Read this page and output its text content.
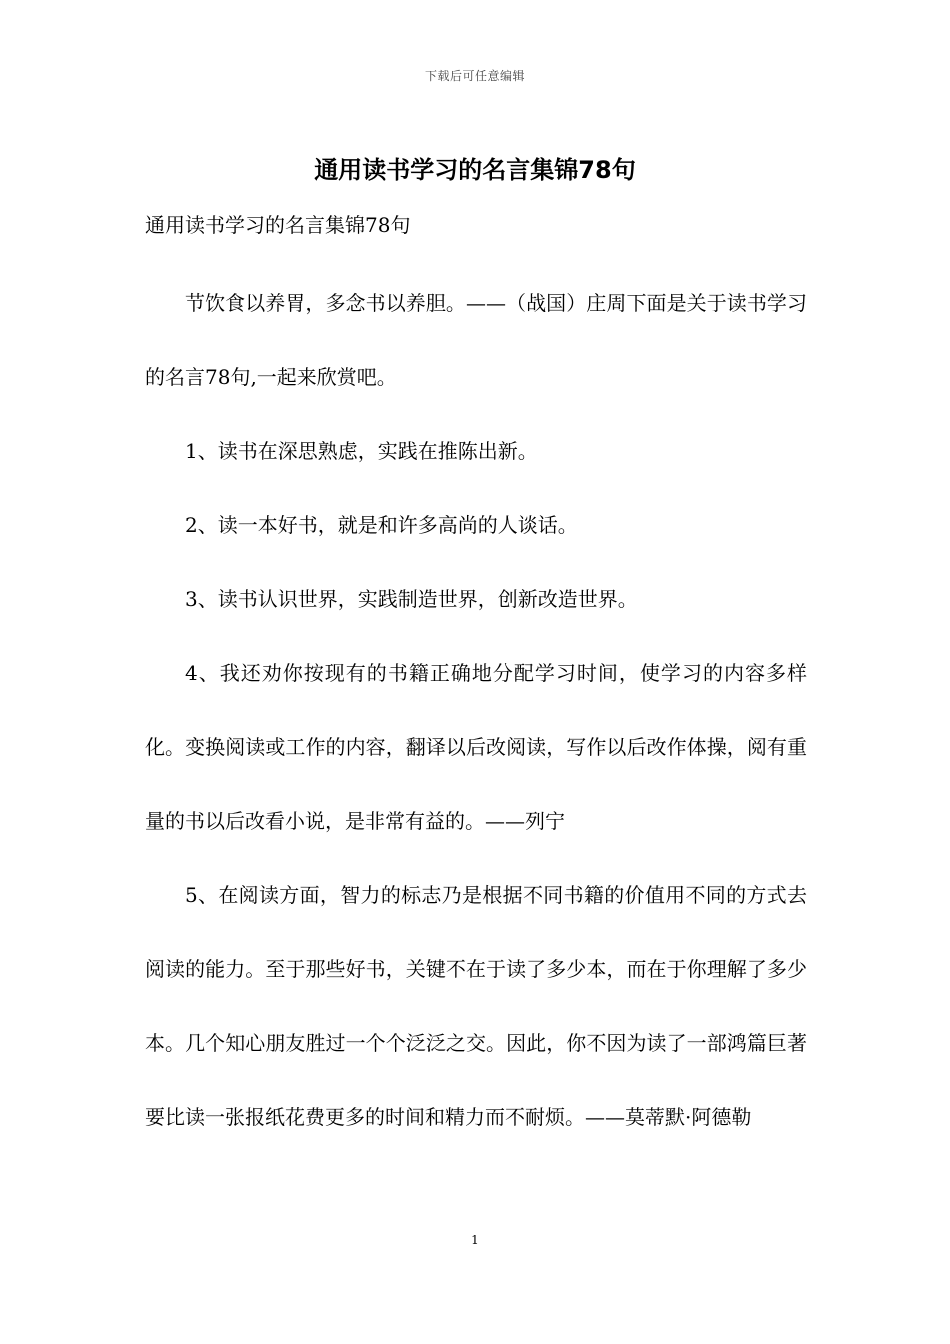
下载后可任意编辑
通用读书学习的名言集锦78句
通用读书学习的名言集锦78句

节饮食以养胃，多念书以养胆。——（战国）庄周下面是关于读书学习的名言78句,一起来欣赏吧。

1、读书在深思熟虑，实践在推陈出新。

2、读一本好书，就是和许多高尚的人谈话。

3、读书认识世界，实践制造世界，创新改造世界。

4、我还劝你按现有的书籍正确地分配学习时间，使学习的内容多样化。变换阅读或工作的内容，翻译以后改阅读，写作以后改作体操，阅有重量的书以后改看小说，是非常有益的。——列宁

5、在阅读方面，智力的标志乃是根据不同书籍的价值用不同的方式去阅读的能力。至于那些好书，关键不在于读了多少本，而在于你理解了多少本。几个知心朋友胜过一个个泛泛之交。因此，你不因为读了一部鸿篇巨著要比读一张报纸花费更多的时间和精力而不耐烦。——莫蒂默·阿德勒

1
